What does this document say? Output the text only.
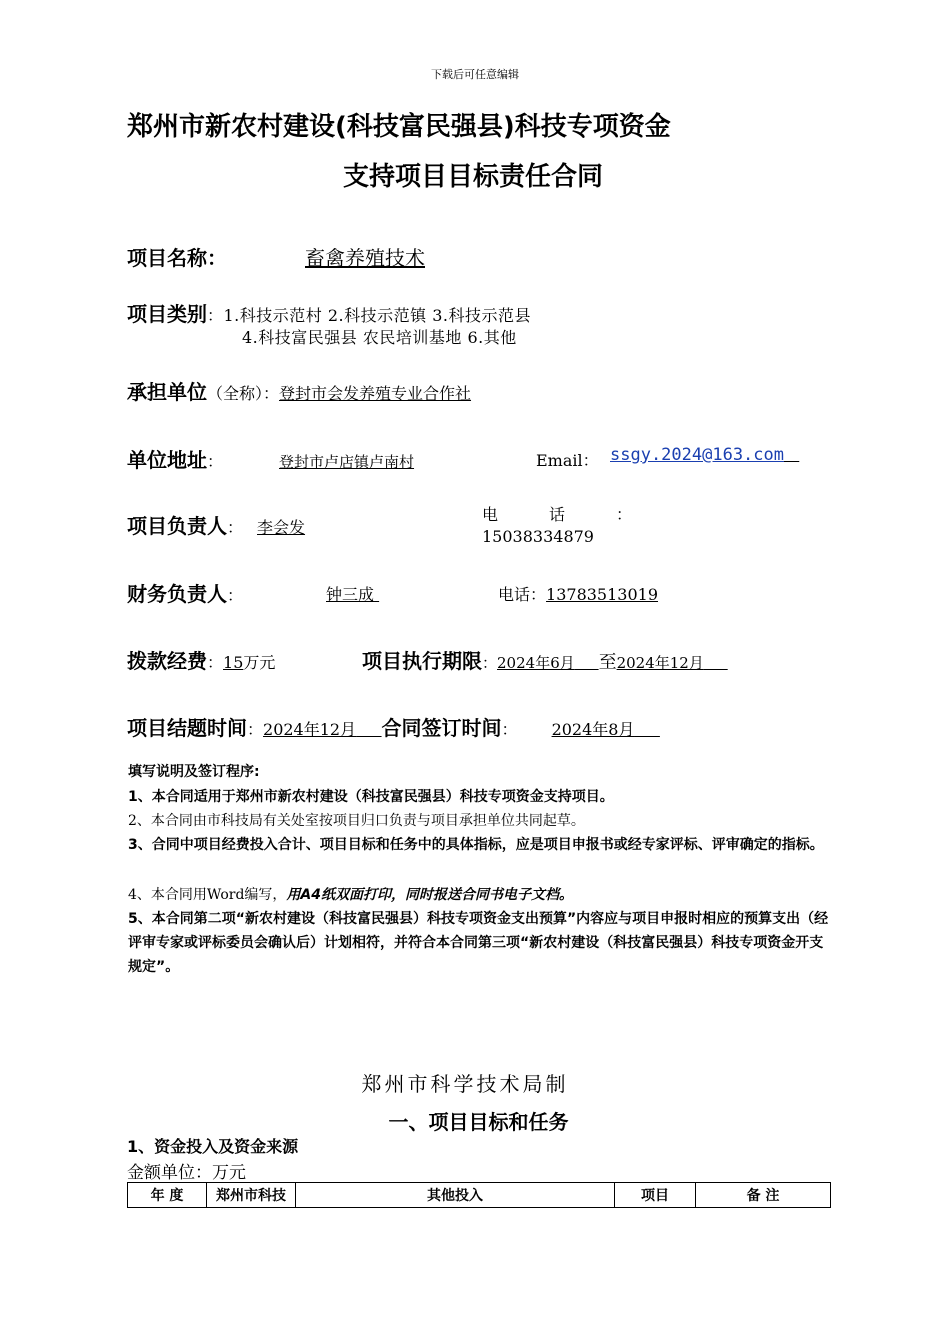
下载后可任意编辑
郑州市新农村建设(科技富民强县)科技专项资金
支持项目目标责任合同
项目名称：	畜禽养殖技术
项目类别：1.科技示范村 2.科技示范镇 3.科技示范县
4.科技富民强县 农民培训基地 6.其他
承担单位（全称）：登封市会发养殖专业合作社
单位地址：	登封市卢店镇卢南村	Email： ssgy.2024@163.com
项目负责人： 李会发
电	话	：
15038334879
财务负责人：	钟三成	电话：13783513019
拨款经费：15万元	项目执行期限：2024年6月 至2024年12月
项目结题时间：2024年12月 合同签订时间： 2024年8月
填写说明及签订程序:
1、本合同适用于郑州市新农村建设（科技富民强县）科技专项资金支持项目。
2、本合同由市科技局有关处室按项目归口负责与项目承担单位共同起草。
3、合同中项目经费投入合计、项目目标和任务中的具体指标，应是项目申报书或经专家评标、评审确定的指标。
4、本合同用Word编写，用A4纸双面打印，同时报送合同书电子文档。
5、本合同第二项“新农村建设（科技富民强县）科技专项资金支出预算”内容应与项目申报时相应的预算支出（经评审专家或评标委员会确认后）计划相符，并符合本合同第三项“新农村建设（科技富民强县）科技专项资金开支规定”。
郑州市科学技术局制
一、项目目标和任务
1、资金投入及资金来源
金额单位：万元
年 度	郑州市科技	其他投入	项目	备 注
